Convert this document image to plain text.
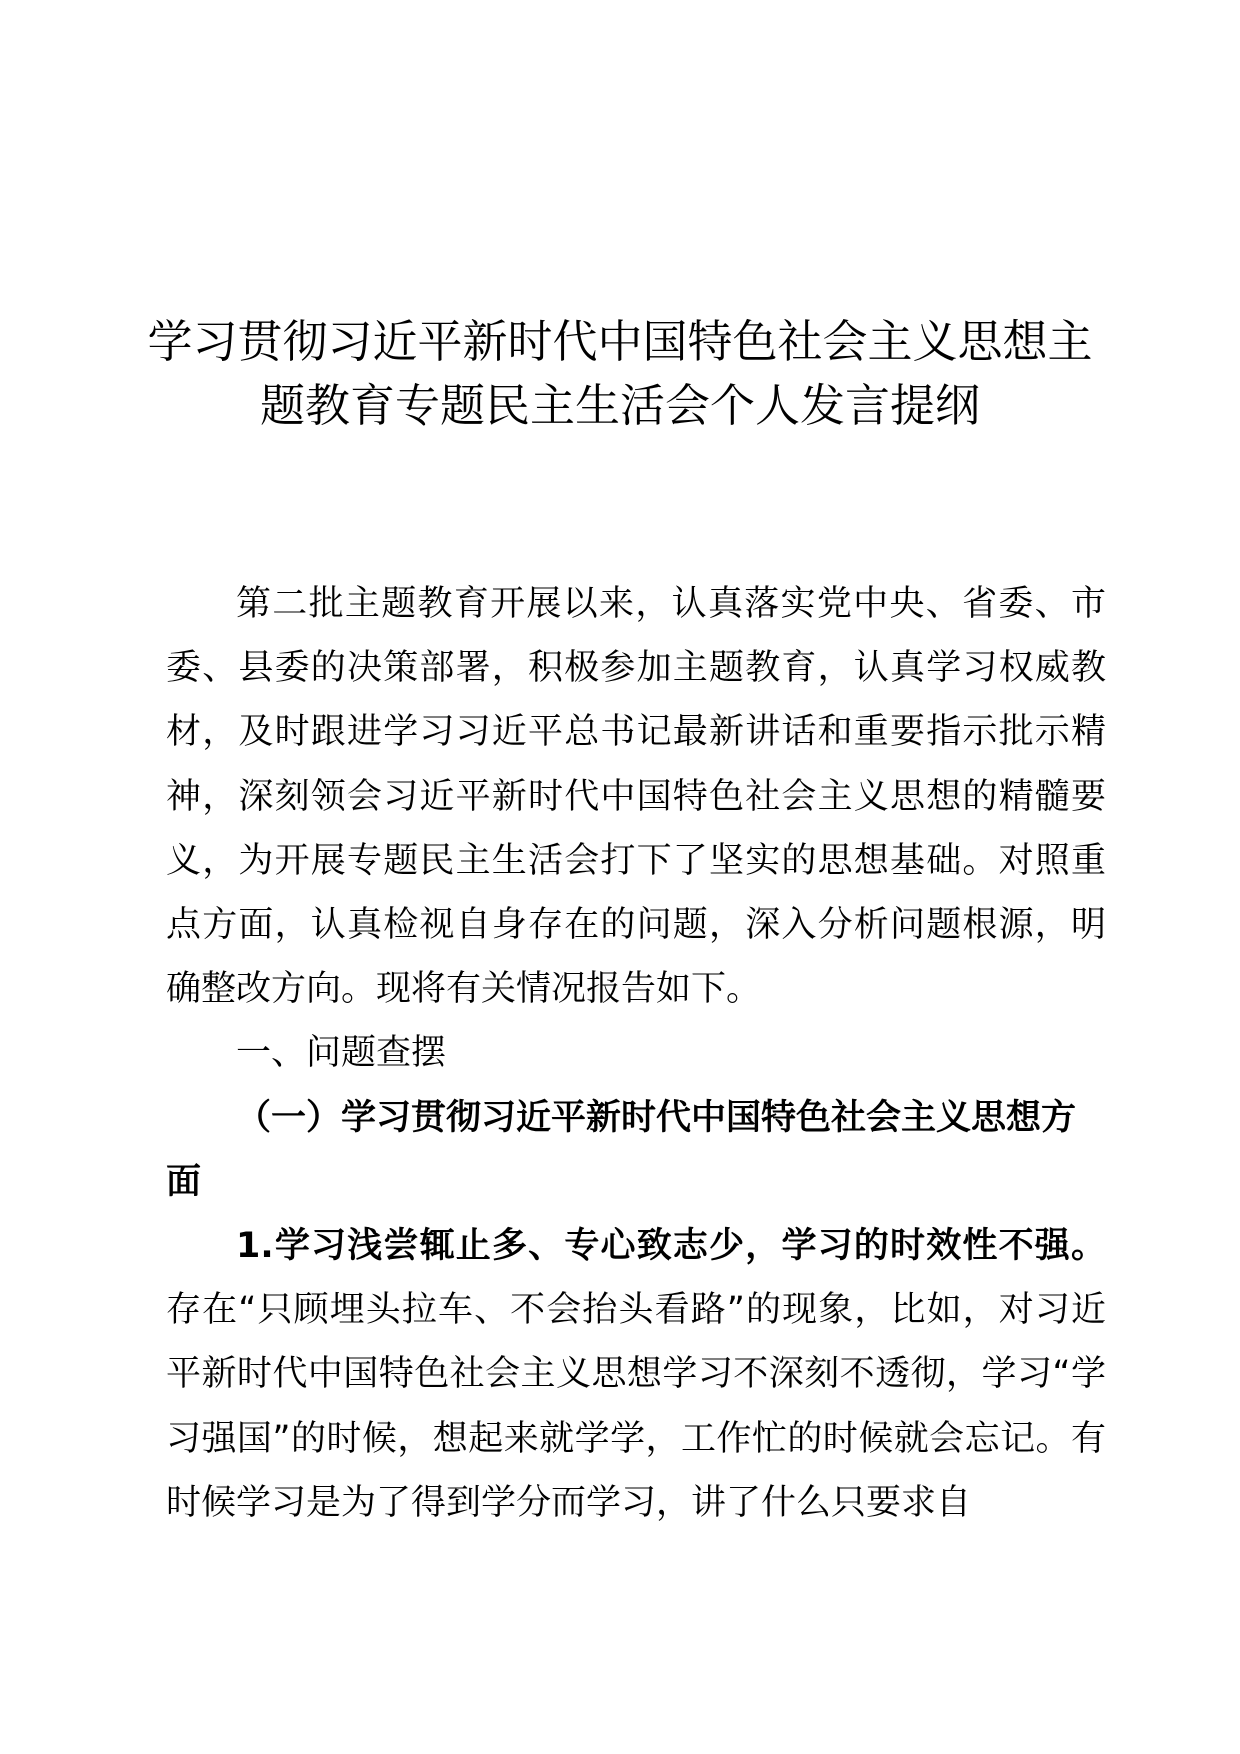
学习贯彻习近平新时代中国特色社会主义思想主
题教育专题民主生活会个人发言提纲

第二批主题教育开展以来，认真落实党中央、省委、市委、县委的决策部署，积极参加主题教育，认真学习权威教材，及时跟进学习习近平总书记最新讲话和重要指示批示精神，深刻领会习近平新时代中国特色社会主义思想的精髓要义，为开展专题民主生活会打下了坚实的思想基础。对照重点方面，认真检视自身存在的问题，深入分析问题根源，明确整改方向。现将有关情况报告如下。

一、问题查摆

（一）学习贯彻习近平新时代中国特色社会主义思想方面

1.学习浅尝辄止多、专心致志少，学习的时效性不强。存在“只顾埋头拉车、不会抬头看路”的现象，比如，对习近平新时代中国特色社会主义思想学习不深刻不透彻，学习“学习强国”的时候，想起来就学学，工作忙的时候就会忘记。有时候学习是为了得到学分而学习，讲了什么只要求自
